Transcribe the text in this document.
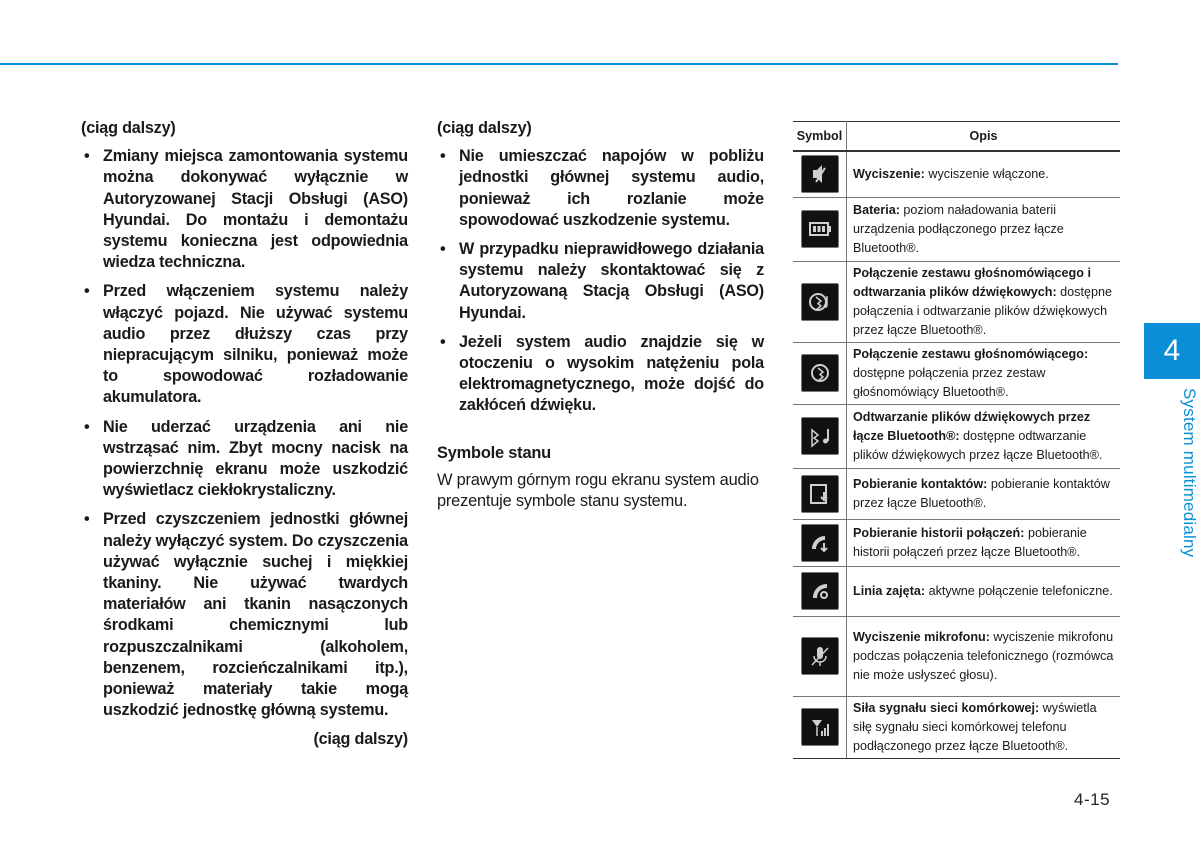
(ciąg dalszy)
• Zmiany miejsca zamontowania systemu można dokonywać wyłącznie w Autoryzowanej Stacji Obsługi (ASO) Hyundai. Do montażu i demontażu systemu konieczna jest odpowiednia wiedza techniczna.
• Przed włączeniem systemu należy włączyć pojazd. Nie używać systemu audio przez dłuższy czas przy niepracującym silniku, ponieważ może to spowodować rozładowanie akumulatora.
• Nie uderzać urządzenia ani nie wstrząsać nim. Zbyt mocny nacisk na powierzchnię ekranu może uszkodzić wyświetlacz ciekłokrystaliczny.
• Przed czyszczeniem jednostki głównej należy wyłączyć system. Do czyszczenia używać wyłącznie suchej i miękkiej tkaniny. Nie używać twardych materiałów ani tkanin nasączonych środkami chemicznymi lub rozpuszczalnikami (alkoholem, benzenem, rozcieńczalnikami itp.), ponieważ materiały takie mogą uszkodzić jednostkę główną systemu.
(ciąg dalszy)
(ciąg dalszy)
• Nie umieszczać napojów w pobliżu jednostki głównej systemu audio, ponieważ ich rozlanie może spowodować uszkodzenie systemu.
• W przypadku nieprawidłowego działania systemu należy skontaktować się z Autoryzowaną Stacją Obsługi (ASO) Hyundai.
• Jeżeli system audio znajdzie się w otoczeniu o wysokim natężeniu pola elektromagnetycznego, może dojść do zakłóceń dźwięku.
Symbole stanu
W prawym górnym rogu ekranu system audio prezentuje symbole stanu systemu.
Symbol	Opis

	Wyciszenie: wyciszenie włączone.

	Bateria: poziom naładowania baterii urządzenia podłączonego przez łącze Bluetooth®.

	Połączenie zestawu głośnomówiącego i odtwarzania plików dźwiękowych: dostępne połączenia i odtwarzanie plików dźwiękowych przez łącze Bluetooth®.

	Połączenie zestawu głośnomówiącego: dostępne połączenia przez zestaw głośnomówiący Bluetooth®.

	Odtwarzanie plików dźwiękowych przez łącze Bluetooth®: dostępne odtwarzanie plików dźwiękowych przez łącze Bluetooth®.

	Pobieranie kontaktów: pobieranie kontaktów przez łącze Bluetooth®.

	Pobieranie historii połączeń: pobieranie historii połączeń przez łącze Bluetooth®.

	Linia zajęta: aktywne połączenie telefoniczne.

	Wyciszenie mikrofonu: wyciszenie mikrofonu podczas połączenia telefonicznego (rozmówca nie może usłyszeć głosu).

	Siła sygnału sieci komórkowej: wyświetla siłę sygnału sieci komórkowej telefonu podłączonego przez łącze Bluetooth®.
4
System multimedialny
4-15
